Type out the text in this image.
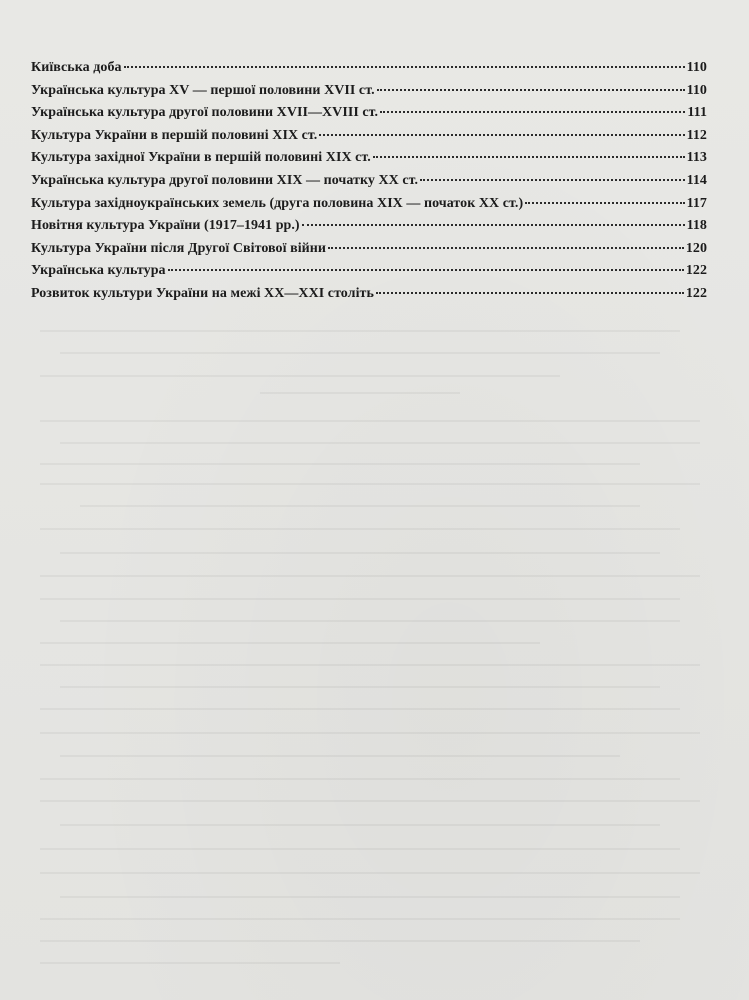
Київська доба	110
Українська культура XV — першої половини XVII ст.	110
Українська культура другої половини XVII—XVIII ст.	111
Культура України в першій половині XIX ст.	112
Культура західної України в першій половині XIX ст.	113
Українська культура другої половини XIX — початку XX ст.	114
Культура західноукраїнських земель (друга половина XIX — початок XX ст.)	117
Новітня культура України (1917–1941 рр.)	118
Культура України після Другої Світової війни	120
Українська культура	122
Розвиток культури України на межі XX—XXI століть	122
